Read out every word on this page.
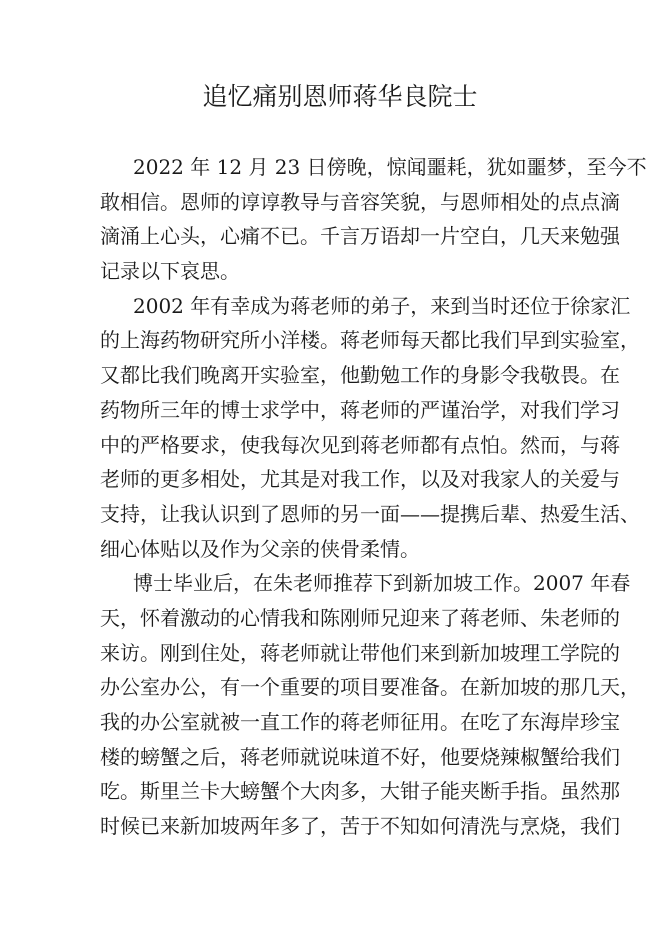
追忆痛别恩师蒋华良院士
2022 年 12 月 23 日傍晚，惊闻噩耗，犹如噩梦，至今不
敢相信。恩师的谆谆教导与音容笑貌，与恩师相处的点点滴
滴涌上心头，心痛不已。千言万语却一片空白，几天来勉强
记录以下哀思。
2002 年有幸成为蒋老师的弟子，来到当时还位于徐家汇
的上海药物研究所小洋楼。蒋老师每天都比我们早到实验室，
又都比我们晚离开实验室，他勤勉工作的身影令我敬畏。在
药物所三年的博士求学中，蒋老师的严谨治学，对我们学习
中的严格要求，使我每次见到蒋老师都有点怕。然而，与蒋
老师的更多相处，尤其是对我工作，以及对我家人的关爱与
支持，让我认识到了恩师的另一面——提携后辈、热爱生活、
细心体贴以及作为父亲的侠骨柔情。
博士毕业后，在朱老师推荐下到新加坡工作。2007 年春
天，怀着激动的心情我和陈刚师兄迎来了蒋老师、朱老师的
来访。刚到住处，蒋老师就让带他们来到新加坡理工学院的
办公室办公，有一个重要的项目要准备。在新加坡的那几天，
我的办公室就被一直工作的蒋老师征用。在吃了东海岸珍宝
楼的螃蟹之后，蒋老师就说味道不好，他要烧辣椒蟹给我们
吃。斯里兰卡大螃蟹个大肉多，大钳子能夹断手指。虽然那
时候已来新加坡两年多了，苦于不知如何清洗与烹烧，我们
